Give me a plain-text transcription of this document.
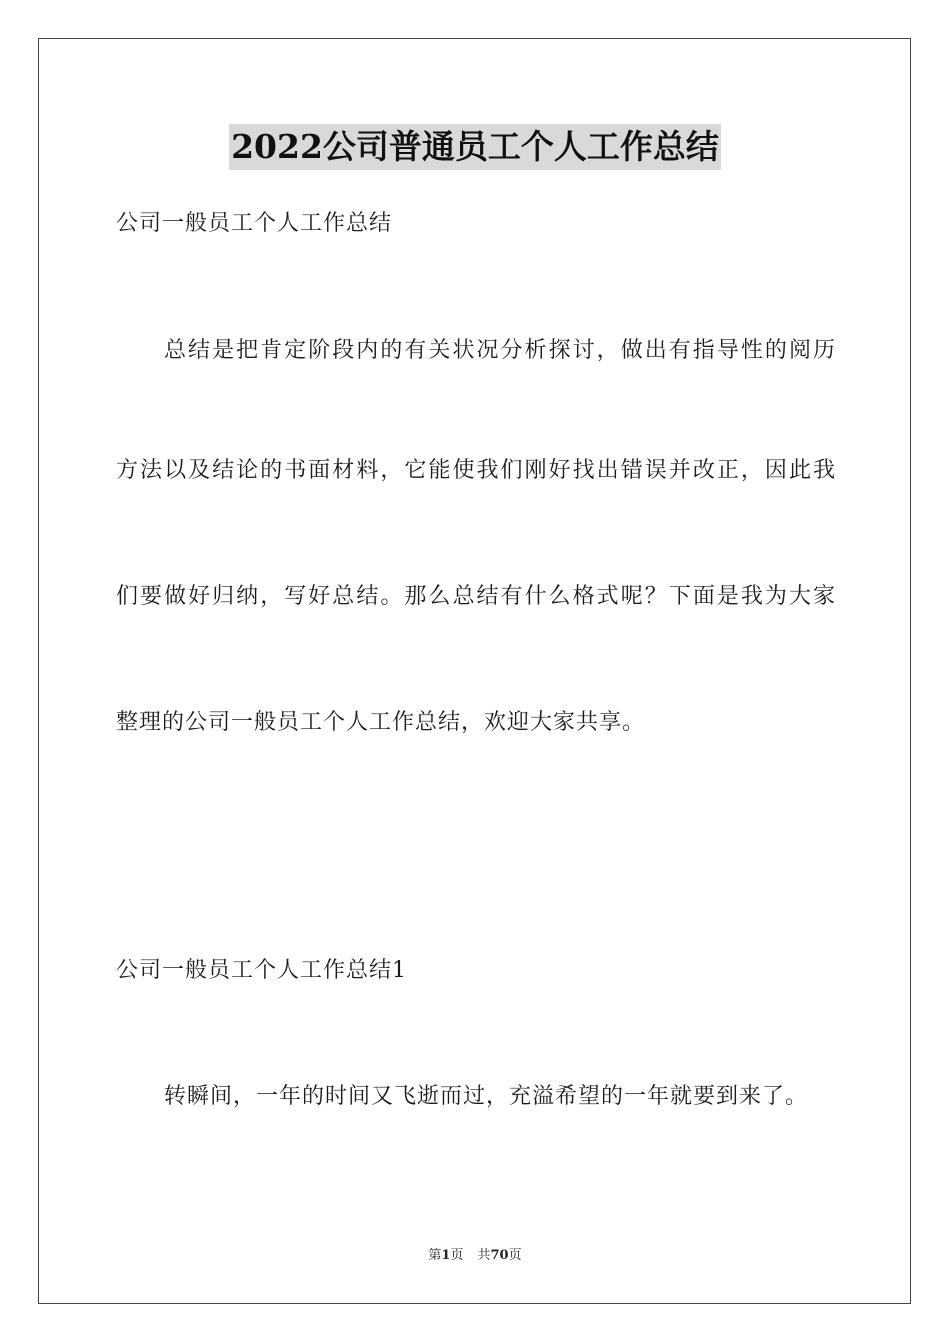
2022公司普通员工个人工作总结
公司一般员工个人工作总结
总结是把肯定阶段内的有关状况分析探讨，做出有指导性的阅历
方法以及结论的书面材料，它能使我们刚好找出错误并改正，因此我
们要做好归纳，写好总结。那么总结有什么格式呢？下面是我为大家
整理的公司一般员工个人工作总结，欢迎大家共享。
公司一般员工个人工作总结1
转瞬间，一年的时间又飞逝而过，充溢希望的一年就要到来了。
第1页 共70页
